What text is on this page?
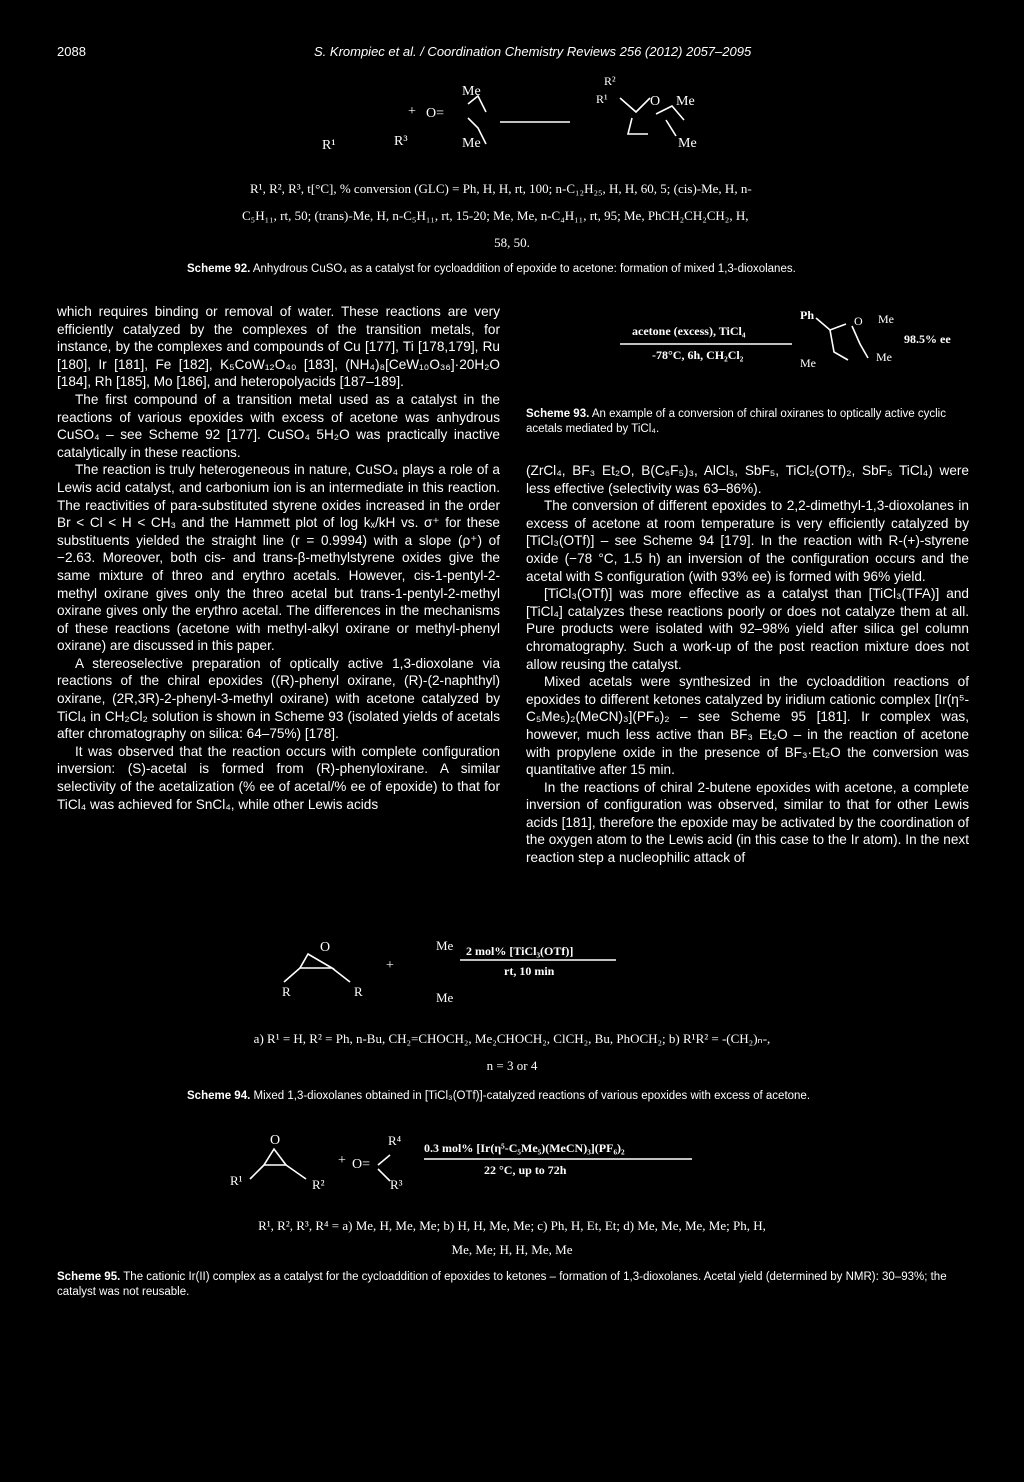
2088	S. Krompiec et al. / Coordination Chemistry Reviews 256 (2012) 2057–2095
R¹	R³
+ O=
Me
Me
R²
R¹	O Me
Me
R¹, R², R³, t[°C], % conversion (GLC) = Ph, H, H, rt, 100; n-C₁₂H₂₅, H, H, 60, 5; (cis)-Me, H, n-
C₅H₁₁, rt, 50; (trans)-Me, H, n-C₅H₁₁, rt, 15-20; Me, Me, n-C₄H₁₁, rt, 95; Me, PhCH₂CH₂CH₂, H,
58, 50.
Scheme 92. Anhydrous CuSO₄ as a catalyst for cycloaddition of epoxide to acetone: formation of mixed 1,3-dioxolanes.

which requires binding or removal of water. These reactions are very efficiently catalyzed by the complexes of the transition metals, for instance, by the complexes and compounds of Cu [177], Ti [178,179], Ru [180], Ir [181], Fe [182], K₅CoW₁₂O₄₀ [183], (NH₄)₈[CeW₁₀O₃₆]·20H₂O [184], Rh [185], Mo [186], and heteropolyacids [187–189].

The first compound of a transition metal used as a catalyst in the reactions of various epoxides with excess of acetone was anhydrous CuSO₄ – see Scheme 92 [177]. CuSO₄ 5H₂O was practically inactive catalytically in these reactions.

The reaction is truly heterogeneous in nature, CuSO₄ plays a role of a Lewis acid catalyst, and carbonium ion is an intermediate in this reaction. The reactivities of para-substituted styrene oxides increased in the order Br < Cl < H < CH₃ and the Hammett plot of log kₓ/kH vs. σ⁺ for these substituents yielded the straight line (r = 0.9994) with a slope (ρ⁺) of −2.63. Moreover, both cis- and trans-β-methylstyrene oxides give the same mixture of threo and erythro acetals. However, cis-1-pentyl-2-methyl oxirane gives only the threo acetal but trans-1-pentyl-2-methyl oxirane gives only the erythro acetal. The differences in the mechanisms of these reactions (acetone with methyl-alkyl oxirane or methyl-phenyl oxirane) are discussed in this paper.

A stereoselective preparation of optically active 1,3-dioxolane via reactions of the chiral epoxides ((R)-phenyl oxirane, (R)-(2-naphthyl) oxirane, (2R,3R)-2-phenyl-3-methyl oxirane) with acetone catalyzed by TiCl₄ in CH₂Cl₂ solution is shown in Scheme 93 (isolated yields of acetals after chromatography on silica: 64–75%) [178].

It was observed that the reaction occurs with complete configuration inversion: (S)-acetal is formed from (R)-phenyloxirane. A similar selectivity of the acetalization (% ee of acetal/% ee of epoxide) to that for TiCl₄ was achieved for SnCl₄, while other Lewis acids

acetone (excess), TiCl₄
-78°C, 6h, CH₂Cl₂
Ph	O Me
Me
Me
98.5% ee
Scheme 93. An example of a conversion of chiral oxiranes to optically active cyclic acetals mediated by TiCl₄.

(ZrCl₄, BF₃ Et₂O, B(C₆F₅)₃, AlCl₃, SbF₅, TiCl₂(OTf)₂, SbF₅ TiCl₄) were less effective (selectivity was 63–86%).

The conversion of different epoxides to 2,2-dimethyl-1,3-dioxolanes in excess of acetone at room temperature is very efficiently catalyzed by [TiCl₃(OTf)] – see Scheme 94 [179]. In the reaction with R-(+)-styrene oxide (−78 °C, 1.5 h) an inversion of the configuration occurs and the acetal with S configuration (with 93% ee) is formed with 96% yield.

[TiCl₃(OTf)] was more effective as a catalyst than [TiCl₃(TFA)] and [TiCl₄] catalyzes these reactions poorly or does not catalyze them at all. Pure products were isolated with 92–98% yield after silica gel column chromatography. Such a work-up of the post reaction mixture does not allow reusing the catalyst.

Mixed acetals were synthesized in the cycloaddition reactions of epoxides to different ketones catalyzed by iridium cationic complex [Ir(η⁵-C₅Me₅)₂(MeCN)₃](PF₆)₂ – see Scheme 95 [181]. Ir complex was, however, much less active than BF₃ Et₂O – in the reaction of acetone with propylene oxide in the presence of BF₃·Et₂O the conversion was quantitative after 15 min.

In the reactions of chiral 2-butene epoxides with acetone, a complete inversion of configuration was observed, similar to that for other Lewis acids [181], therefore the epoxide may be activated by the coordination of the oxygen atom to the Lewis acid (in this case to the Ir atom). In the next reaction step a nucleophilic attack of

O
R	R
+
Me
Me
2 mol% [TiCl₃(OTf)]
rt, 10 min
a) R¹ = H, R² = Ph, n-Bu, CH₂=CHOCH₂, Me₂CHOCH₂, ClCH₂, Bu, PhOCH₂; b) R¹R² = -(CH₂)ₙ-,
n = 3 or 4
Scheme 94. Mixed 1,3-dioxolanes obtained in [TiCl₃(OTf)]-catalyzed reactions of various epoxides with excess of acetone.
O
R¹	R²
+ O=
R⁴
R³
0.3 mol% [Ir(η⁵-C₅Me₅)(MeCN)₃](PF₆)₂
22 °C, up to 72h
R¹, R², R³, R⁴ = a) Me, H, Me, Me; b) H, H, Me, Me; c) Ph, H, Et, Et; d) Me, Me, Me, Me; Ph, H,
Me, Me; H, H, Me, Me
Scheme 95. The cationic Ir(II) complex as a catalyst for the cycloaddition of epoxides to ketones – formation of 1,3-dioxolanes. Acetal yield (determined by NMR): 30–93%; the catalyst was not reusable.
